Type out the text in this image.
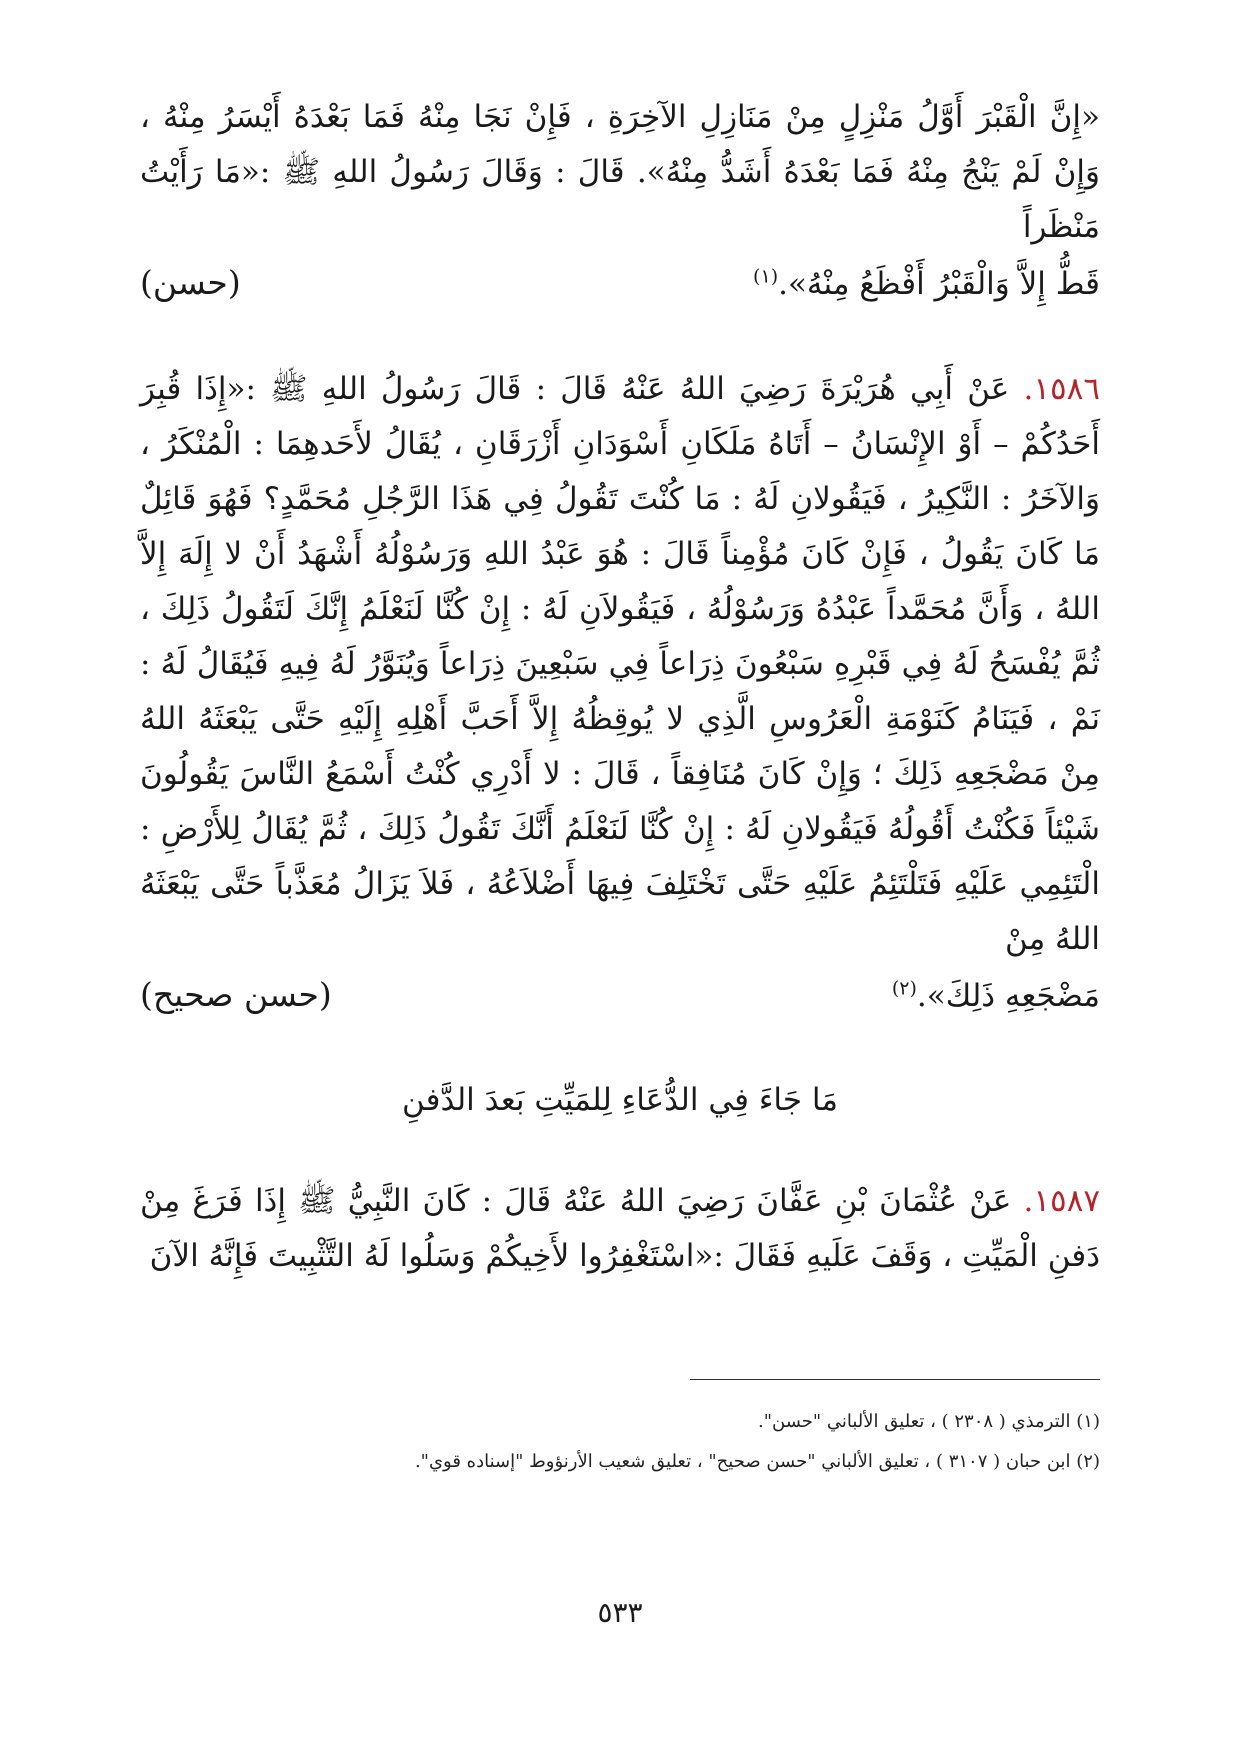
«إِنَّ الْقَبْرَ أَوَّلُ مَنْزِلٍ مِنْ مَنَازِلِ الآخِرَةِ ، فَإِنْ نَجَا مِنْهُ فَمَا بَعْدَهُ أَيْسَرُ مِنْهُ ، وَإِنْ لَمْ يَنْجُ مِنْهُ فَمَا بَعْدَهُ أَشَدُّ مِنْهُ». قَالَ : وَقَالَ رَسُولُ اللهِ ﷺ :«مَا رَأَيْتُ مَنْظَراً
قَطُّ إِلاَّ وَالْقَبْرُ أَفْظَعُ مِنْهُ».$^{(١)}$
(حسن)
١٥٨٦. عَنْ أَبِي هُرَيْرَةَ رَضِيَ اللهُ عَنْهُ قَالَ : قَالَ رَسُولُ اللهِ ﷺ :«إِذَا قُبِرَ أَحَدُكُمْ – أَوْ الإِنْسَانُ – أَتَاهُ مَلَكَانِ أَسْوَدَانِ أَزْرَقَانِ ، يُقَالُ لأَحَدهِمَا : الْمُنْكَرُ ، وَالآخَرُ : النَّكِيرُ ، فَيَقُولانِ لَهُ : مَا كُنْتَ تَقُولُ فِي هَذَا الرَّجُلِ مُحَمَّدٍ؟ فَهُوَ قَائِلٌ مَا كَانَ يَقُولُ ، فَإِنْ كَانَ مُؤْمِناً قَالَ : هُوَ عَبْدُ اللهِ وَرَسُوْلُهُ أَشْهَدُ أَنْ لا إِلَهَ إِلاَّ اللهُ ، وَأَنَّ مُحَمَّداً عَبْدُهُ وَرَسُوْلُهُ ، فَيَقُولاَنِ لَهُ : إِنْ كُنَّا لَنَعْلَمُ إِنَّكَ لَتَقُولُ ذَلِكَ ، ثُمَّ يُفْسَحُ لَهُ فِي قَبْرِهِ سَبْعُونَ ذِرَاعاً فِي سَبْعِينَ ذِرَاعاً وَيُنَوَّرُ لَهُ فِيهِ فَيُقَالُ لَهُ : نَمْ ، فَيَنَامُ كَنَوْمَةِ الْعَرُوسِ الَّذِي لا يُوقِظُهُ إِلاَّ أَحَبَّ أَهْلِهِ إِلَيْهِ حَتَّى يَبْعَثَهُ اللهُ مِنْ مَضْجَعِهِ ذَلِكَ ؛ وَإِنْ كَانَ مُنَافِقاً ، قَالَ : لا أَدْرِي كُنْتُ أَسْمَعُ النَّاسَ يَقُولُونَ شَيْئاً فَكُنْتُ أَقُولُهُ فَيَقُولانِ لَهُ : إِنْ كُنَّا لَنَعْلَمُ أَنَّكَ تَقُولُ ذَلِكَ ، ثُمَّ يُقَالُ لِلأَرْضِ : الْتَئِمِي عَلَيْهِ فَتَلْتَئِمُ عَلَيْهِ حَتَّى تَخْتَلِفَ فِيهَا أَضْلاَعُهُ ، فَلاَ يَزَالُ مُعَذَّباً حَتَّى يَبْعَثَهُ اللهُ مِنْ
مَضْجَعِهِ ذَلِكَ».$^{(٢)}$
(حسن صحيح)
مَا جَاءَ فِي الدُّعَاءِ لِلمَيِّتِ بَعدَ الدَّفنِ
١٥٨٧. عَنْ عُثْمَانَ بْنِ عَفَّانَ رَضِيَ اللهُ عَنْهُ قَالَ : كَانَ النَّبِيُّ ﷺ إِذَا فَرَغَ مِنْ دَفنِ الْمَيِّتِ ، وَقَفَ عَلَيهِ فَقَالَ :«اسْتَغْفِرُوا لأَخِيكُمْ وَسَلُوا لَهُ التَّثْبِيتَ فَإِنَّهُ الآنَ
(١) الترمذي ( ٢٣٠٨ ) ، تعليق الألباني "حسن".
(٢) ابن حبان ( ٣١٠٧ ) ، تعليق الألباني "حسن صحيح" ، تعليق شعيب الأرنؤوط "إسناده قوي".
٥٣٣
